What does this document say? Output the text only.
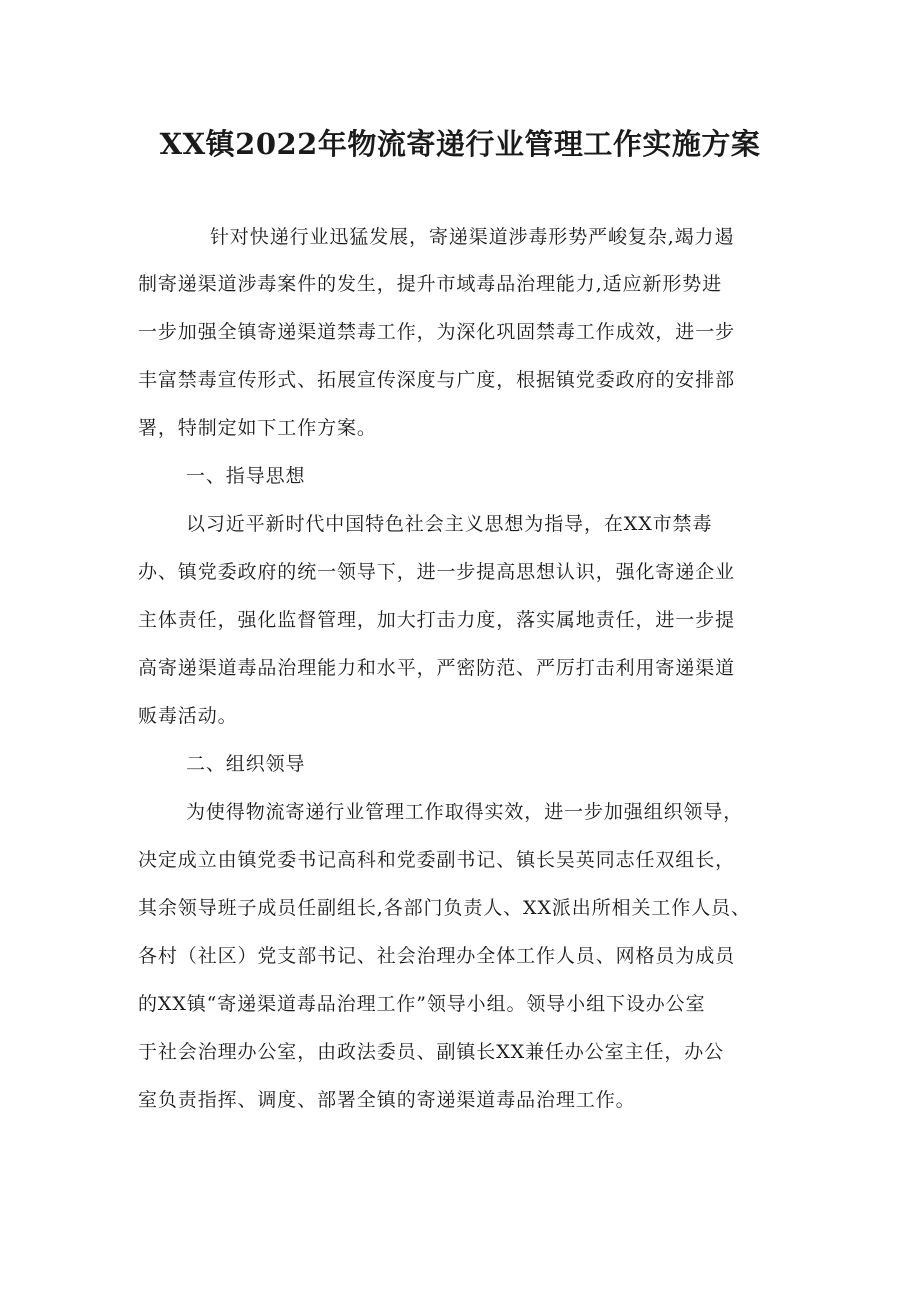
XX镇2022年物流寄递行业管理工作实施方案

针对快递行业迅猛发展，寄递渠道涉毒形势严峻复杂,竭力遏

制寄递渠道涉毒案件的发生，提升市域毒品治理能力,适应新形势进

一步加强全镇寄递渠道禁毒工作，为深化巩固禁毒工作成效，进一步

丰富禁毒宣传形式、拓展宣传深度与广度，根据镇党委政府的安排部

署，特制定如下工作方案。

一、指导思想

以习近平新时代中国特色社会主义思想为指导，在XX市禁毒

办、镇党委政府的统一领导下，进一步提高思想认识，强化寄递企业

主体责任，强化监督管理，加大打击力度，落实属地责任，进一步提

高寄递渠道毒品治理能力和水平，严密防范、严厉打击利用寄递渠道

贩毒活动。

二、组织领导

为使得物流寄递行业管理工作取得实效，进一步加强组织领导，

决定成立由镇党委书记高科和党委副书记、镇长吴英同志任双组长，

其余领导班子成员任副组长,各部门负责人、XX派出所相关工作人员、

各村（社区）党支部书记、社会治理办全体工作人员、网格员为成员

的XX镇“寄递渠道毒品治理工作”领导小组。领导小组下设办公室

于社会治理办公室，由政法委员、副镇长XX兼任办公室主任，办公

室负责指挥、调度、部署全镇的寄递渠道毒品治理工作。
